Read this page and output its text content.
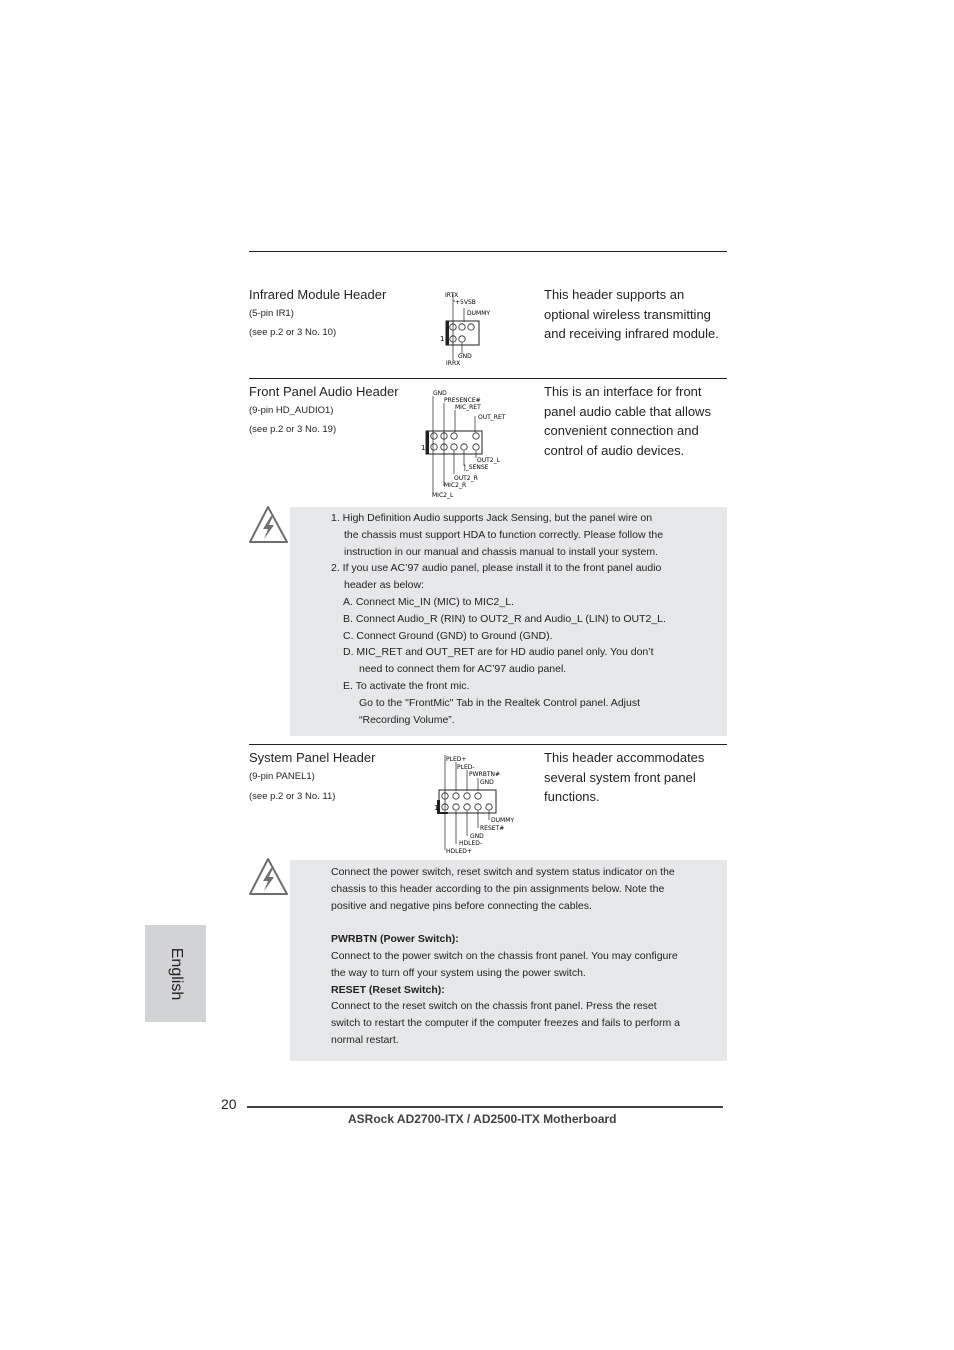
Infrared Module Header
(5-pin IR1)
(see p.2 or 3 No. 10)
This header supports an
optional wireless transmitting
and receiving infrared module.
IRTX
+5VSB
DUMMY
1
GND
IRRX
Front Panel Audio Header
(9-pin HD_AUDIO1)
(see p.2 or 3 No. 19)
This is an interface for front
panel audio cable that allows
convenient connection and
control of audio devices.
GND
PRESENCE#
MIC_RET
OUT_RET
1
OUT2_L
J_SENSE
OUT2_R
MIC2_R
MIC2_L
1. High Definition Audio supports Jack Sensing, but the panel wire on
the chassis must support HDA to function correctly. Please follow the
instruction in our manual and chassis manual to install your system.
2. If you use AC’97 audio panel, please install it to the front panel audio
header as below:
A. Connect Mic_IN (MIC) to MIC2_L.
B. Connect Audio_R (RIN) to OUT2_R and Audio_L (LIN) to OUT2_L.
C. Connect Ground (GND) to Ground (GND).
D. MIC_RET and OUT_RET are for HD audio panel only. You don’t
need to connect them for AC’97 audio panel.
E. To activate the front mic.
Go to the "FrontMic" Tab in the Realtek Control panel. Adjust
“Recording Volume”.
System Panel Header
(9-pin PANEL1)
(see p.2 or 3 No. 11)
This header accommodates
several system front panel
functions.
PLED+
PLED-
PWRBTN#
GND
1
DUMMY
RESET#
GND
HDLED-
HDLED+
Connect the power switch, reset switch and system status indicator on the
chassis to this header according to the pin assignments below. Note the
positive and negative pins before connecting the cables.
PWRBTN (Power Switch):
Connect to the power switch on the chassis front panel. You may configure
the way to turn off your system using the power switch.
RESET (Reset Switch):
Connect to the reset switch on the chassis front panel. Press the reset
switch to restart the computer if the computer freezes and fails to perform a
normal restart.
English
20
ASRock AD2700-ITX / AD2500-ITX Motherboard
